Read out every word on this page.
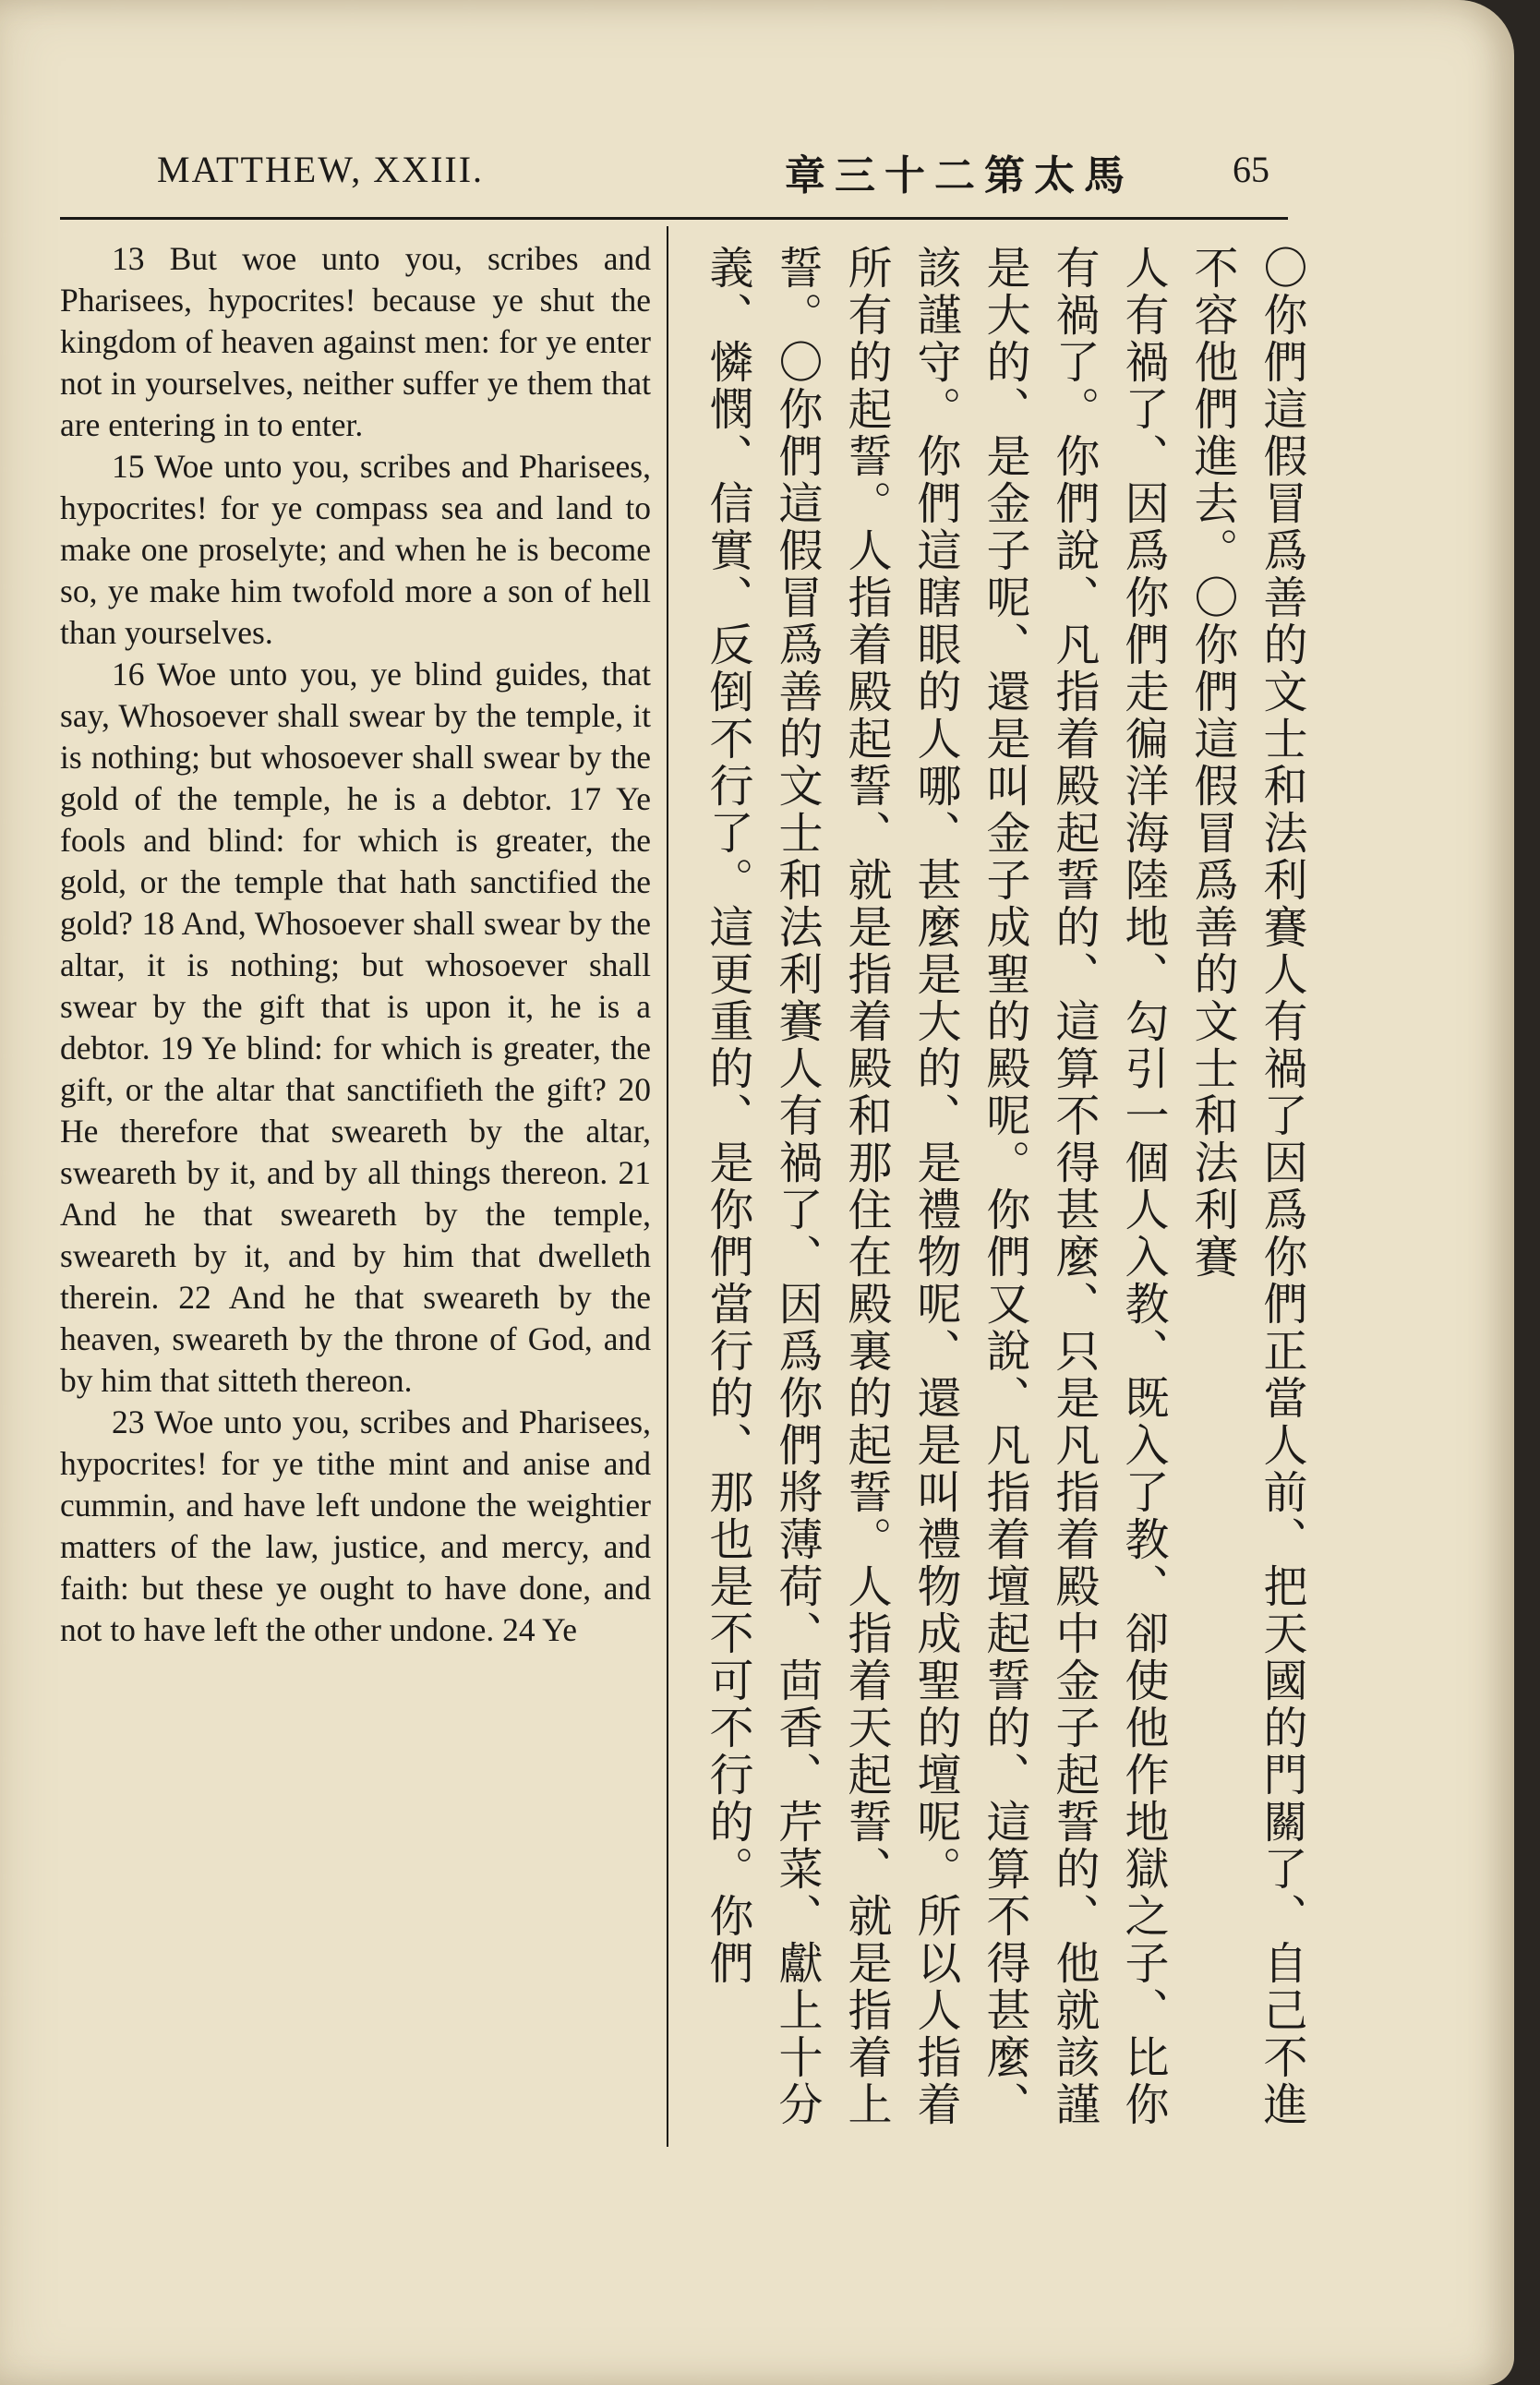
MATTHEW, XXIII.	章三十二第太馬	65

13 But woe unto you, scribes and Pharisees, hypocrites! because ye shut the kingdom of heaven against men: for ye enter not in yourselves, neither suffer ye them that are entering in to enter.

15 Woe unto you, scribes and Pharisees, hypocrites! for ye compass sea and land to make one proselyte; and when he is become so, ye make him twofold more a son of hell than yourselves.

16 Woe unto you, ye blind guides, that say, Whosoever shall swear by the temple, it is nothing; but whosoever shall swear by the gold of the temple, he is a debtor. 17 Ye fools and blind: for which is greater, the gold, or the temple that hath sanctified the gold? 18 And, Whosoever shall swear by the altar, it is nothing; but whosoever shall swear by the gift that is upon it, he is a debtor. 19 Ye blind: for which is greater, the gift, or the altar that sanctifieth the gift? 20 He therefore that sweareth by the altar, sweareth by it, and by all things thereon. 21 And he that sweareth by the temple, sweareth by it, and by him that dwelleth therein. 22 And he that sweareth by the heaven, sweareth by the throne of God, and by him that sitteth thereon.

23 Woe unto you, scribes and Pharisees, hypocrites! for ye tithe mint and anise and cummin, and have left undone the weightier matters of the law, justice, and mercy, and faith: but these ye ought to have done, and not to have left the other undone. 24 Ye

〇你們這假冒爲善的文士和法利賽人有禍了因爲你們正當人前、把天國的門關了、自己不進
不容他們進去。〇你們這假冒爲善的文士和法利賽
人有禍了、因爲你們走徧洋海陸地、勾引一個人入教、既入了教、卻使他作地獄之子、比你
有禍了。你們說、凡指着殿起誓的、這算不得甚麼、只是凡指着殿中金子起誓的、他就該謹
是大的、是金子呢、還是叫金子成聖的殿呢。你們又說、凡指着壇起誓的、這算不得甚麼、
該謹守。你們這瞎眼的人哪、甚麼是大的、是禮物呢、還是叫禮物成聖的壇呢。所以人指着
所有的起誓。人指着殿起誓、就是指着殿和那住在殿裏的起誓。人指着天起誓、就是指着上
誓。〇你們這假冒爲善的文士和法利賽人有禍了、因爲你們將薄荷、茴香、芹菜、獻上十分
義、憐憫、信實、反倒不行了。這更重的、是你們當行的、那也是不可不行的。你們
